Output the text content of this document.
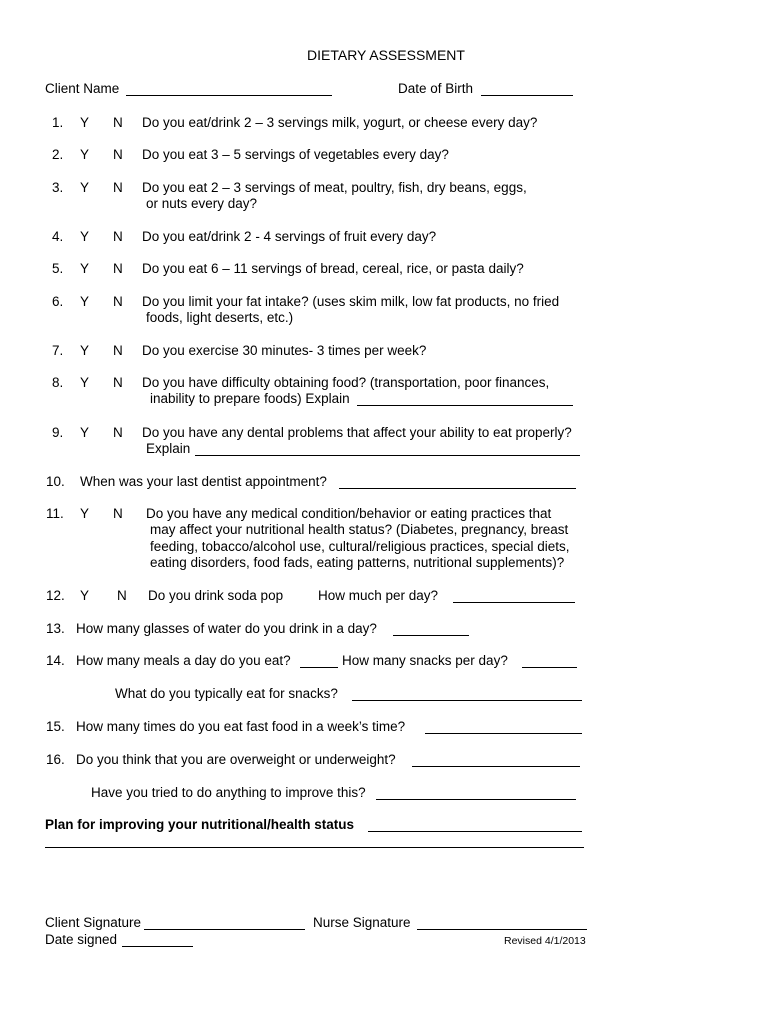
DIETARY ASSESSMENT
Client Name	Date of Birth
1. Y N Do you eat/drink 2 – 3 servings milk, yogurt, or cheese every day?
2. Y N Do you eat 3 – 5 servings of vegetables every day?
3. Y N Do you eat 2 – 3 servings of meat, poultry, fish, dry beans, eggs,
or nuts every day?
4. Y N Do you eat/drink 2 - 4 servings of fruit every day?
5. Y N Do you eat 6 – 11 servings of bread, cereal, rice, or pasta daily?
6. Y N Do you limit your fat intake? (uses skim milk, low fat products, no fried
foods, light deserts, etc.)
7. Y N Do you exercise 30 minutes- 3 times per week?
8. Y N Do you have difficulty obtaining food? (transportation, poor finances,
inability to prepare foods) Explain
9. Y N Do you have any dental problems that affect your ability to eat properly?
Explain
10. When was your last dentist appointment?
11. Y N Do you have any medical condition/behavior or eating practices that
may affect your nutritional health status? (Diabetes, pregnancy, breast
feeding, tobacco/alcohol use, cultural/religious practices, special diets,
eating disorders, food fads, eating patterns, nutritional supplements)?
12. Y N Do you drink soda pop	How much per day?
13. How many glasses of water do you drink in a day?
14. How many meals a day do you eat?	How many snacks per day?
What do you typically eat for snacks?
15. How many times do you eat fast food in a week’s time?
16. Do you think that you are overweight or underweight?
Have you tried to do anything to improve this?
Plan for improving your nutritional/health status
Client Signature	Nurse Signature
Date signed	Revised 4/1/2013
